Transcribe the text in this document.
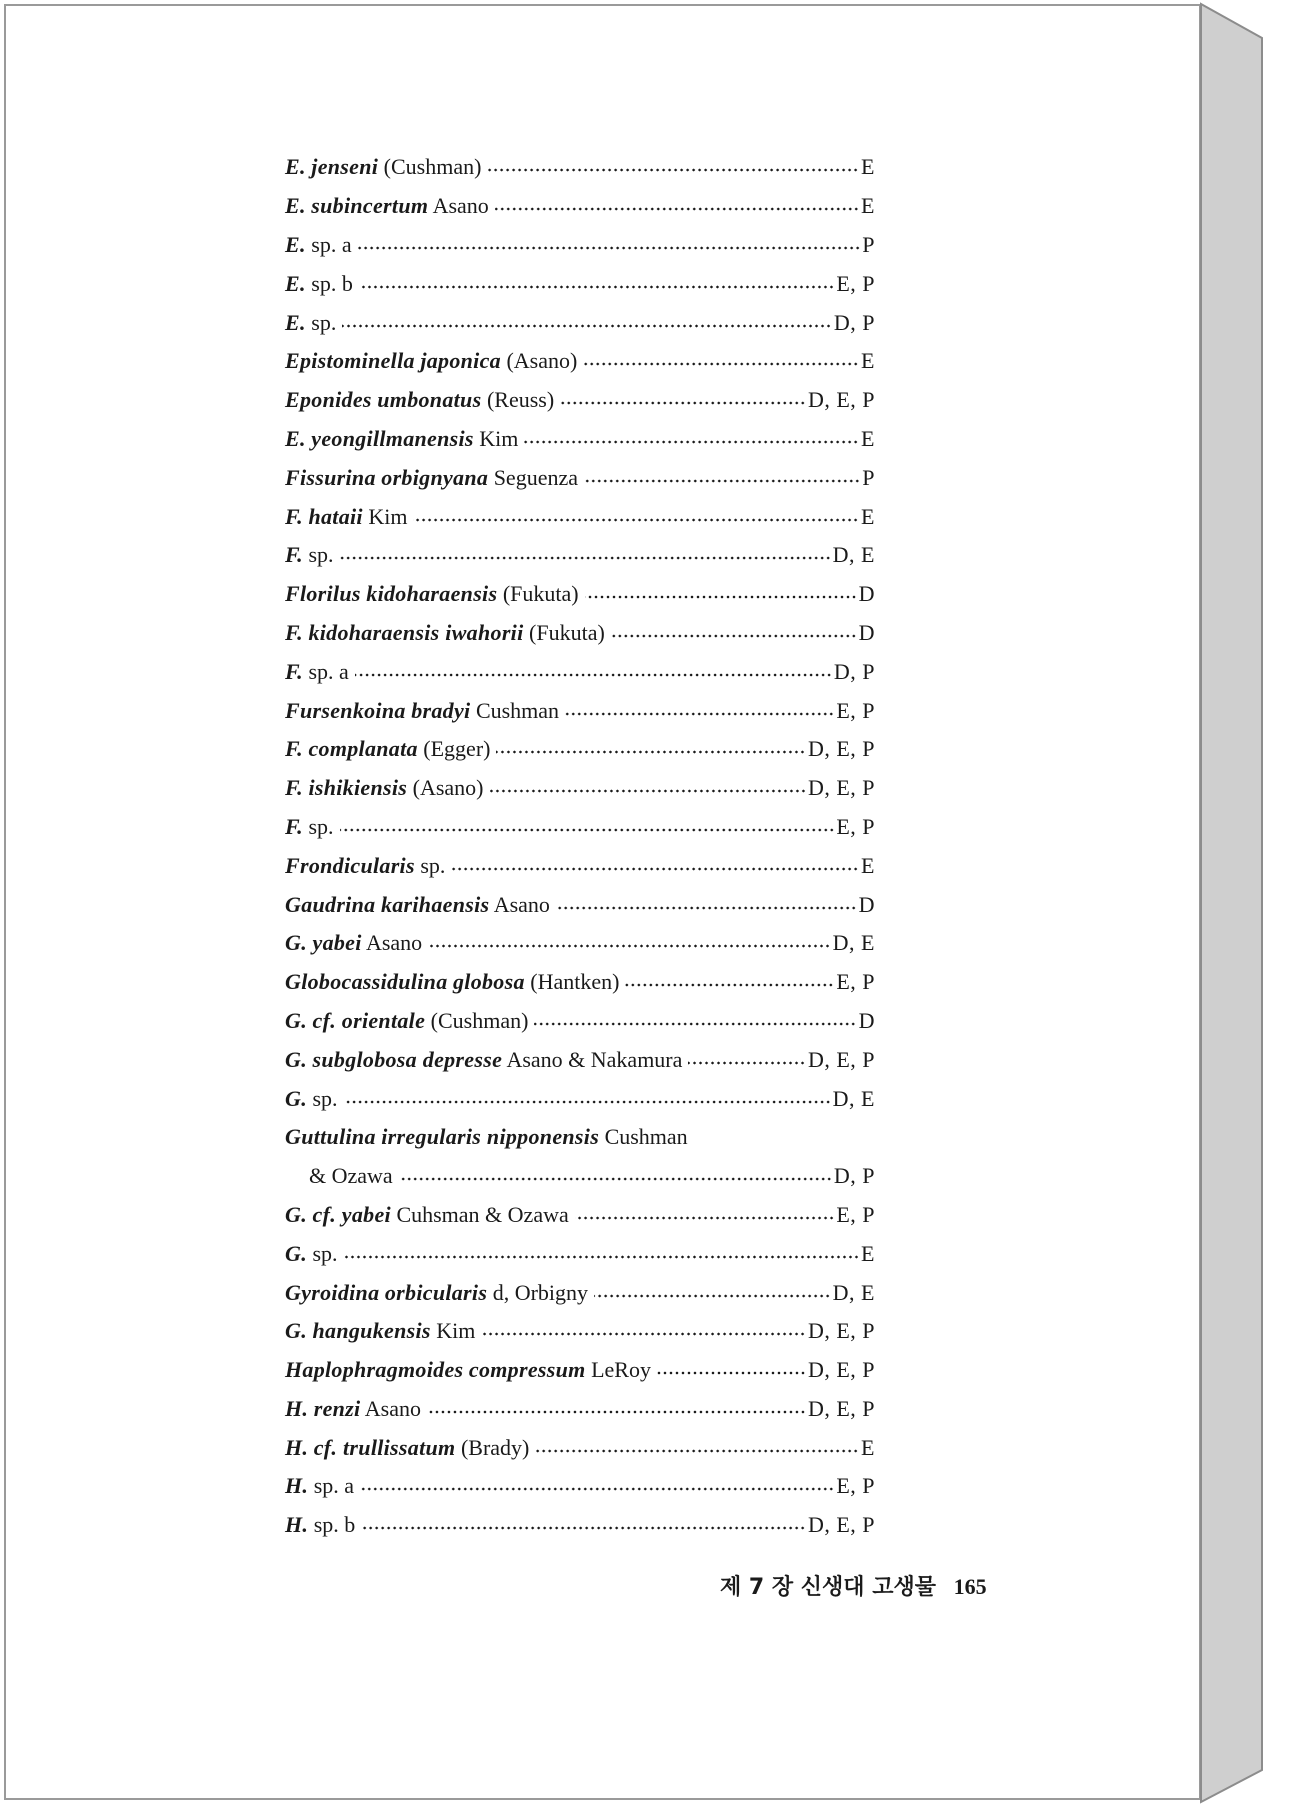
E. jenseni (Cushman)	E
E. subincertum Asano	E
E. sp. a	P
E. sp. b	E, P
E. sp.	D, P
Epistominella japonica (Asano)	E
Eponides umbonatus (Reuss)	D, E, P
E. yeongillmanensis Kim	E
Fissurina orbignyana Seguenza	P
F. hataii Kim	E
F. sp.	D, E
Florilus kidoharaensis (Fukuta)	D
F. kidoharaensis iwahorii (Fukuta)	D
F. sp. a	D, P
Fursenkoina bradyi Cushman	E, P
F. complanata (Egger)	D, E, P
F. ishikiensis (Asano)	D, E, P
F. sp.	E, P
Frondicularis sp.	E
Gaudrina karihaensis Asano	D
G. yabei Asano	D, E
Globocassidulina globosa (Hantken)	E, P
G. cf. orientale (Cushman)	D
G. subglobosa depresse Asano & Nakamura	D, E, P
G. sp.	D, E
Guttulina irregularis nipponensis Cushman
& Ozawa	D, P
G. cf. yabei Cuhsman & Ozawa	E, P
G. sp.	E
Gyroidina orbicularis d, Orbigny	D, E
G. hangukensis Kim	D, E, P
Haplophragmoides compressum LeRoy	D, E, P
H. renzi Asano	D, E, P
H. cf. trullissatum (Brady)	E
H. sp. a	E, P
H. sp. b	D, E, P
제 7 장 신생대 고생물 165
